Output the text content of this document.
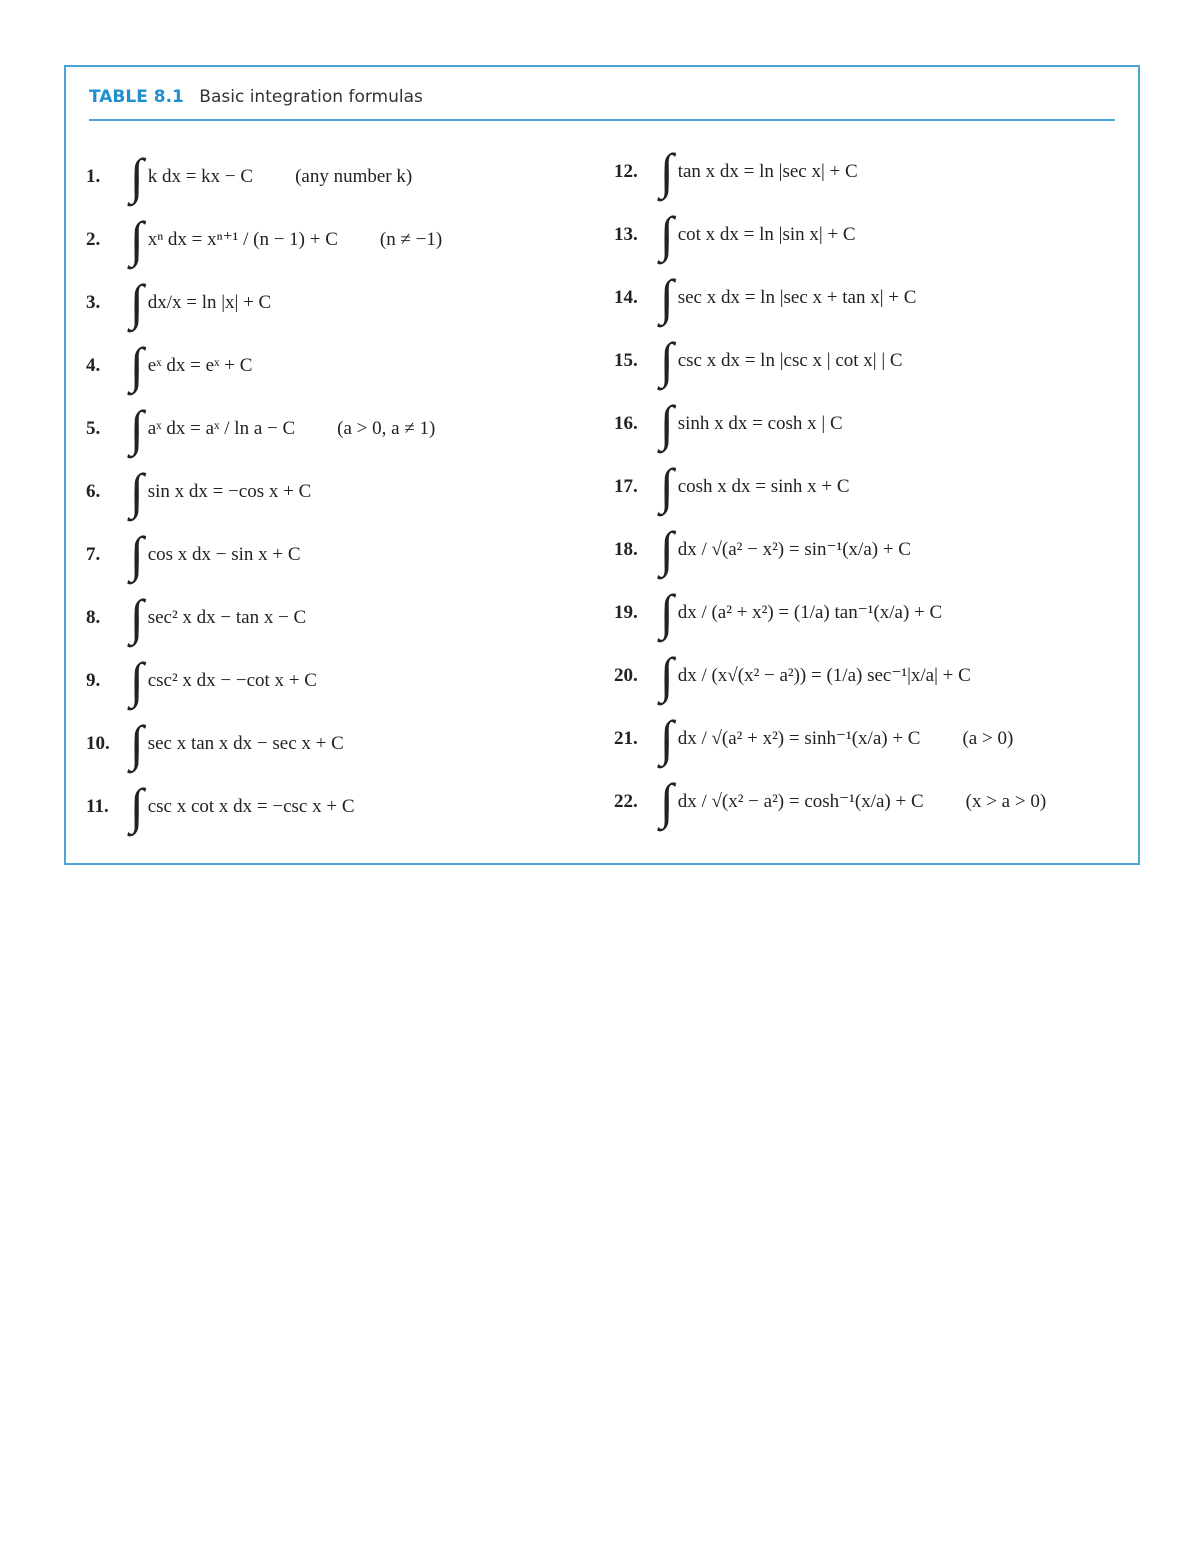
TABLE 8.1 Basic integration formulas
1. ∫ k dx = kx − C (any number k)
2. ∫ xⁿ dx = xⁿ⁺¹ / (n − 1) + C (n ≠ −1)
3. ∫ dx/x = ln |x| + C
4. ∫ eˣ dx = eˣ + C
5. ∫ aˣ dx = aˣ / ln a − C (a > 0, a ≠ 1)
6. ∫ sin x dx = −cos x + C
7. ∫ cos x dx − sin x + C
8. ∫ sec² x dx − tan x − C
9. ∫ csc² x dx − −cot x + C
10. ∫ sec x tan x dx − sec x + C
11. ∫ csc x cot x dx = −csc x + C
12. ∫ tan x dx = ln |sec x| + C
13. ∫ cot x dx = ln |sin x| + C
14. ∫ sec x dx = ln |sec x + tan x| + C
15. ∫ csc x dx = ln |csc x | cot x| | C
16. ∫ sinh x dx = cosh x | C
17. ∫ cosh x dx = sinh x + C
18. ∫ dx / √(a² − x²) = sin⁻¹(x/a) + C
19. ∫ dx / (a² + x²) = (1/a) tan⁻¹(x/a) + C
20. ∫ dx / (x√(x² − a²)) = (1/a) sec⁻¹|x/a| + C
21. ∫ dx / √(a² + x²) = sinh⁻¹(x/a) + C (a > 0)
22. ∫ dx / √(x² − a²) = cosh⁻¹(x/a) + C (x > a > 0)
